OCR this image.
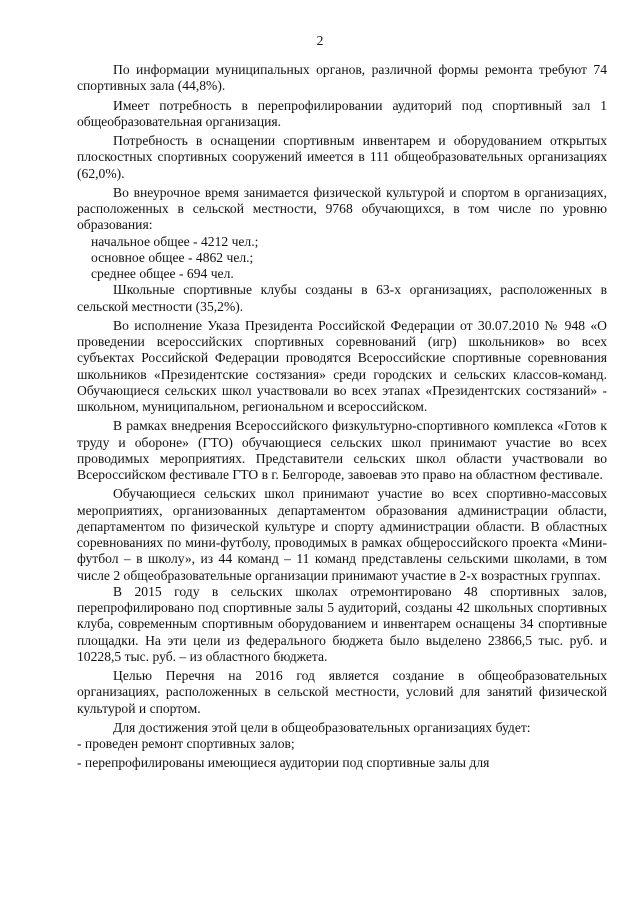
2

По информации муниципальных органов, различной формы ремонта требуют 74 спортивных зала (44,8%).

Имеет потребность в перепрофилировании аудиторий под спортивный зал 1 общеобразовательная организация.

Потребность в оснащении спортивным инвентарем и оборудованием открытых плоскостных спортивных сооружений имеется в 111 общеобразовательных организациях (62,0%).

Во внеурочное время занимается физической культурой и спортом в организациях, расположенных в сельской местности, 9768 обучающихся, в том числе по уровню образования:

начальное общее - 4212 чел.;

основное общее - 4862 чел.;

среднее общее - 694 чел.

Школьные спортивные клубы созданы в 63-х организациях, расположенных в сельской местности (35,2%).

Во исполнение Указа Президента Российской Федерации от 30.07.2010 № 948 «О проведении всероссийских спортивных соревнований (игр) школьников» во всех субъектах Российской Федерации проводятся Всероссийские спортивные соревнования школьников «Президентские состязания» среди городских и сельских классов-команд. Обучающиеся сельских школ участвовали во всех этапах «Президентских состязаний» - школьном, муниципальном, региональном и всероссийском.

В рамках внедрения Всероссийского физкультурно-спортивного комплекса «Готов к труду и обороне» (ГТО) обучающиеся сельских школ принимают участие во всех проводимых мероприятиях. Представители сельских школ области участвовали во Всероссийском фестивале ГТО в г. Белгороде, завоевав это право на областном фестивале.

Обучающиеся сельских школ принимают участие во всех спортивно-массовых мероприятиях, организованных департаментом образования администрации области, департаментом по физической культуре и спорту администрации области. В областных соревнованиях по мини-футболу, проводимых в рамках общероссийского проекта «Мини-футбол – в школу», из 44 команд – 11 команд представлены сельскими школами, в том числе 2 общеобразовательные организации принимают участие в 2-х возрастных группах.

В 2015 году в сельских школах отремонтировано 48 спортивных залов, перепрофилировано под спортивные залы 5 аудиторий, созданы 42 школьных спортивных клуба, современным спортивным оборудованием и инвентарем оснащены 34 спортивные площадки. На эти цели из федерального бюджета было выделено 23866,5 тыс. руб. и 10228,5 тыс. руб. – из областного бюджета.

Целью Перечня на 2016 год является создание в общеобразовательных организациях, расположенных в сельской местности, условий для занятий физической культурой и спортом.

Для достижения этой цели в общеобразовательных организациях будет:

- проведен ремонт спортивных залов;

- перепрофилированы имеющиеся аудитории под спортивные залы для
